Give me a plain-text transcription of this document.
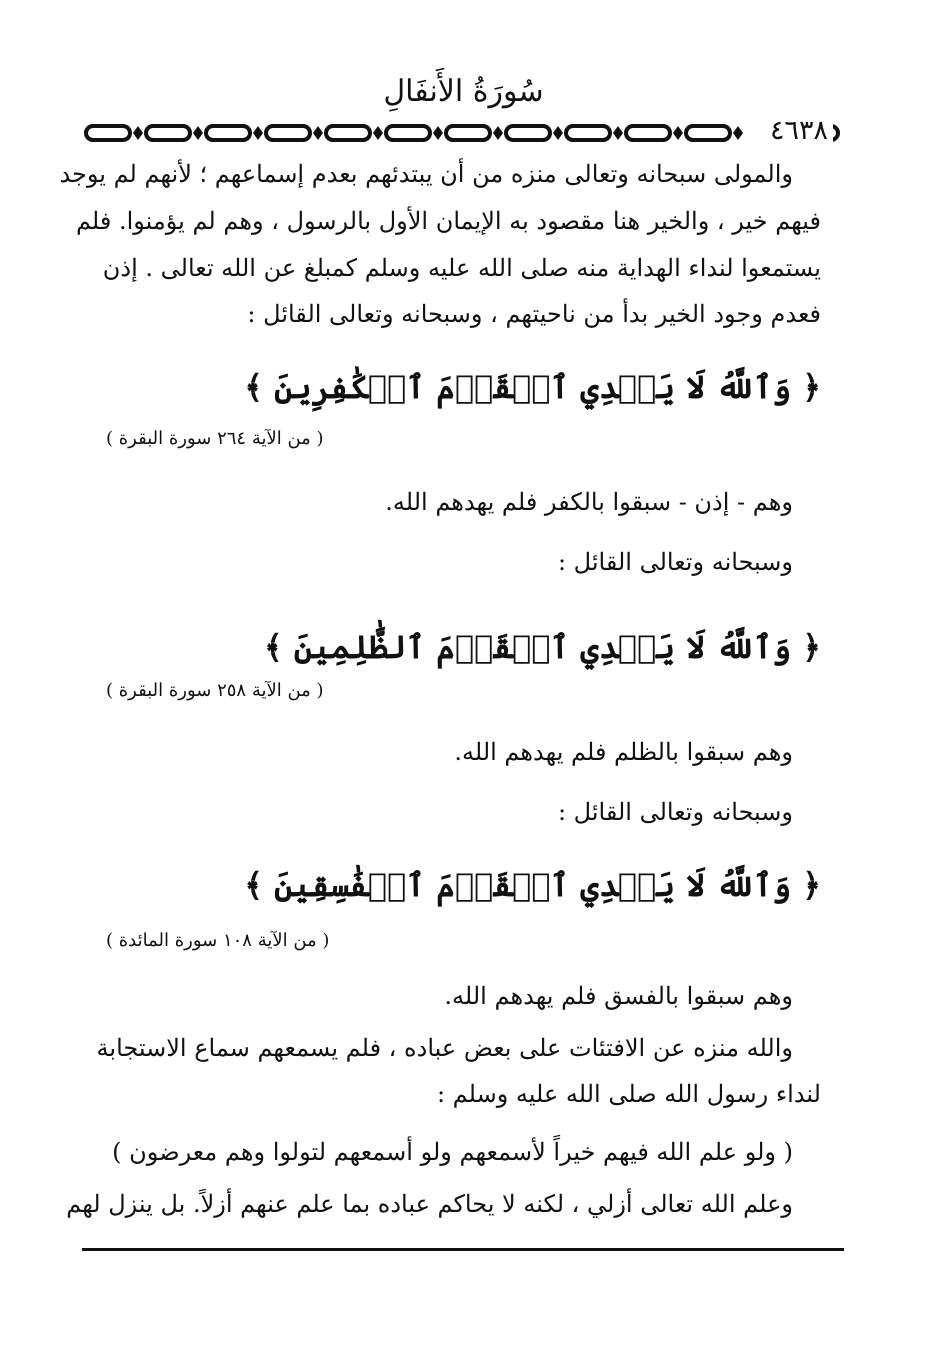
سُورَةُ الأَنفَالِ
٤٦٣٨
والمولى سبحانه وتعالى منزه من أن يبتدئهم بعدم إسماعهم ؛ لأنهم لم يوجد
فيهم خير ، والخير هنا مقصود به الإيمان الأول بالرسول ، وهم لم يؤمنوا. فلم
يستمعوا لنداء الهداية منه صلى الله عليه وسلم كمبلغ عن الله تعالى . إذن
فعدم وجود الخير بدأ من ناحيتهم ، وسبحانه وتعالى القائل :
﴿ وَٱللَّهُ لَا يَهۡدِي ٱلۡقَوۡمَ ٱلۡكَٰفِرِينَ ﴾
( من الآية ٢٦٤ سورة البقرة )
وهم - إذن - سبقوا بالكفر فلم يهدهم الله.
وسبحانه وتعالى القائل :
﴿ وَٱللَّهُ لَا يَهۡدِي ٱلۡقَوۡمَ ٱلظَّٰلِمِينَ ﴾
( من الآية ٢٥٨ سورة البقرة )
وهم سبقوا بالظلم فلم يهدهم الله.
وسبحانه وتعالى القائل :
﴿ وَٱللَّهُ لَا يَهۡدِي ٱلۡقَوۡمَ ٱلۡفَٰسِقِينَ ﴾
( من الآية ١٠٨ سورة المائدة )
وهم سبقوا بالفسق فلم يهدهم الله.
والله منزه عن الافتئات على بعض عباده ، فلم يسمعهم سماع الاستجابة
لنداء رسول الله صلى الله عليه وسلم :
( ولو علم الله فيهم خيراً لأسمعهم ولو أسمعهم لتولوا وهم معرضون )
وعلم الله تعالى أزلي ، لكنه لا يحاكم عباده بما علم عنهم أزلاً. بل ينزل لهم
